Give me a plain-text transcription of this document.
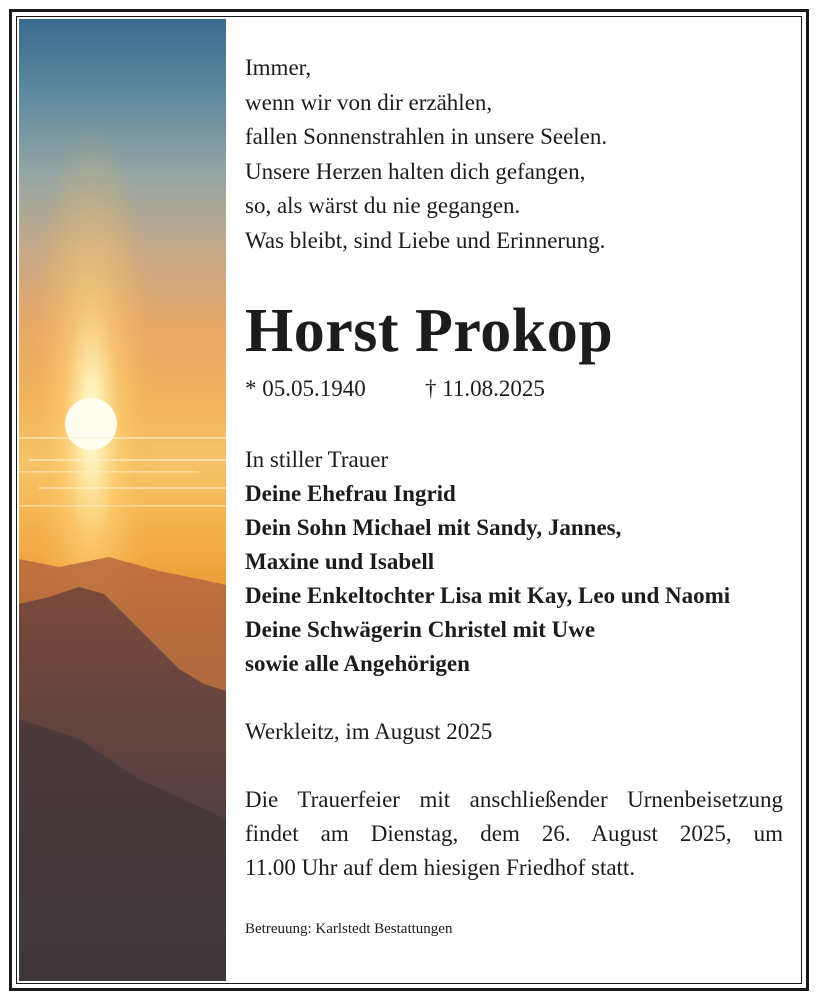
Immer,
wenn wir von dir erzählen,
fallen Sonnenstrahlen in unsere Seelen.
Unsere Herzen halten dich gefangen,
so, als wärst du nie gegangen.
Was bleibt, sind Liebe und Erinnerung.
Horst Prokop
* 05.05.1940	† 11.08.2025
In stiller Trauer
Deine Ehefrau Ingrid
Dein Sohn Michael mit Sandy, Jannes,
Maxine und Isabell
Deine Enkeltochter Lisa mit Kay, Leo und Naomi
Deine Schwägerin Christel mit Uwe
sowie alle Angehörigen
Werkleitz, im August 2025
Die Trauerfeier mit anschließender Urnenbeisetzung
findet am Dienstag, dem 26. August 2025, um
11.00 Uhr auf dem hiesigen Friedhof statt.
Betreuung: Karlstedt Bestattungen
